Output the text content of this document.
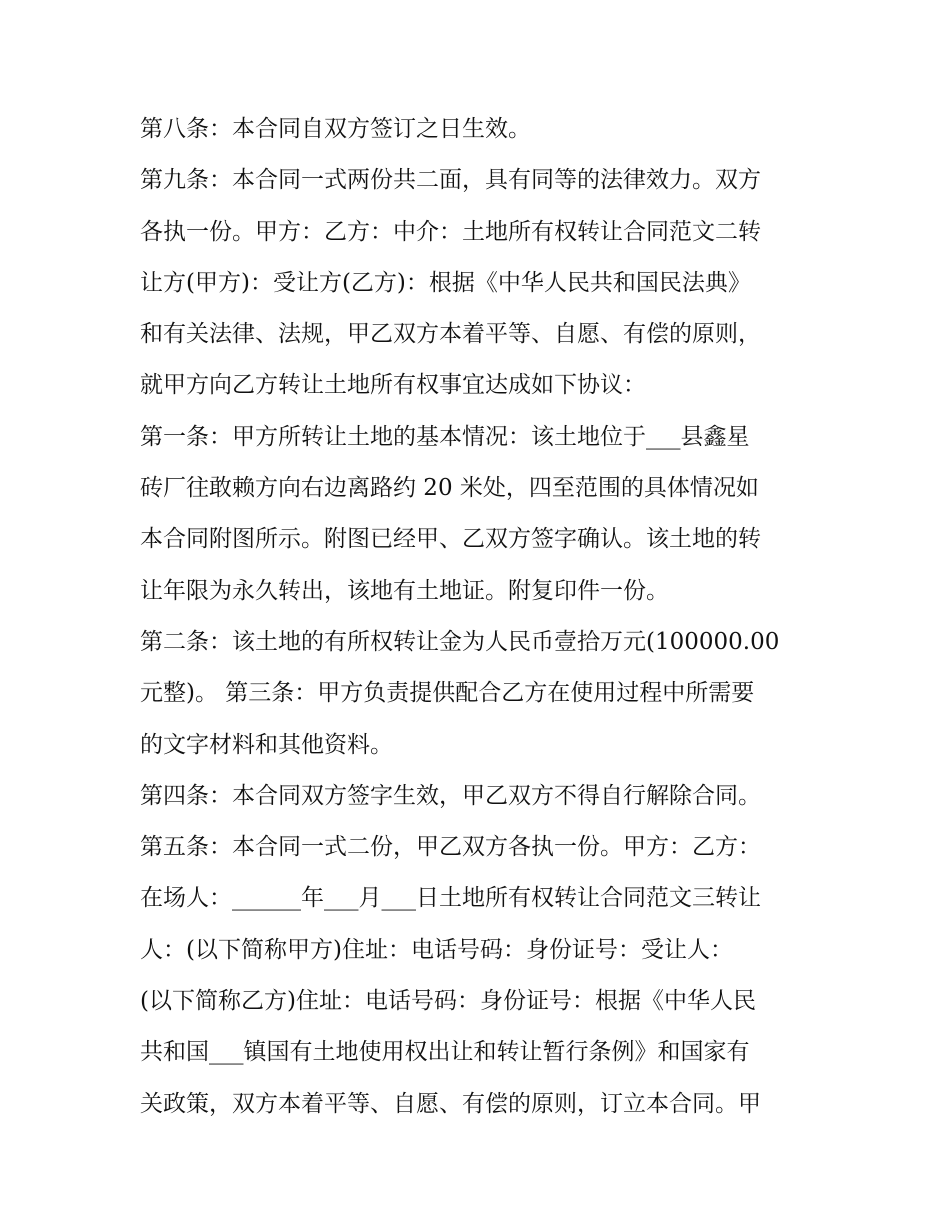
第八条：本合同自双方签订之日生效。
第九条：本合同一式两份共二面，具有同等的法律效力。双方
各执一份。甲方：乙方：中介：土地所有权转让合同范文二转
让方(甲方)：受让方(乙方)：根据《中华人民共和国民法典》
和有关法律、法规，甲乙双方本着平等、自愿、有偿的原则，
就甲方向乙方转让土地所有权事宜达成如下协议：
第一条：甲方所转让土地的基本情况：该土地位于___县鑫星
砖厂往敢赖方向右边离路约 20 米处，四至范围的具体情况如
本合同附图所示。附图已经甲、乙双方签字确认。该土地的转
让年限为永久转出，该地有土地证。附复印件一份。
第二条：该土地的有所权转让金为人民币壹拾万元(100000.00
元整)。 第三条：甲方负责提供配合乙方在使用过程中所需要
的文字材料和其他资料。
第四条：本合同双方签字生效，甲乙双方不得自行解除合同。
第五条：本合同一式二份，甲乙双方各执一份。甲方：乙方：
在场人：______年___月___日土地所有权转让合同范文三转让
人：(以下简称甲方)住址：电话号码：身份证号：受让人：
(以下简称乙方)住址：电话号码：身份证号：根据《中华人民
共和国___镇国有土地使用权出让和转让暂行条例》和国家有
关政策，双方本着平等、自愿、有偿的原则，订立本合同。甲
